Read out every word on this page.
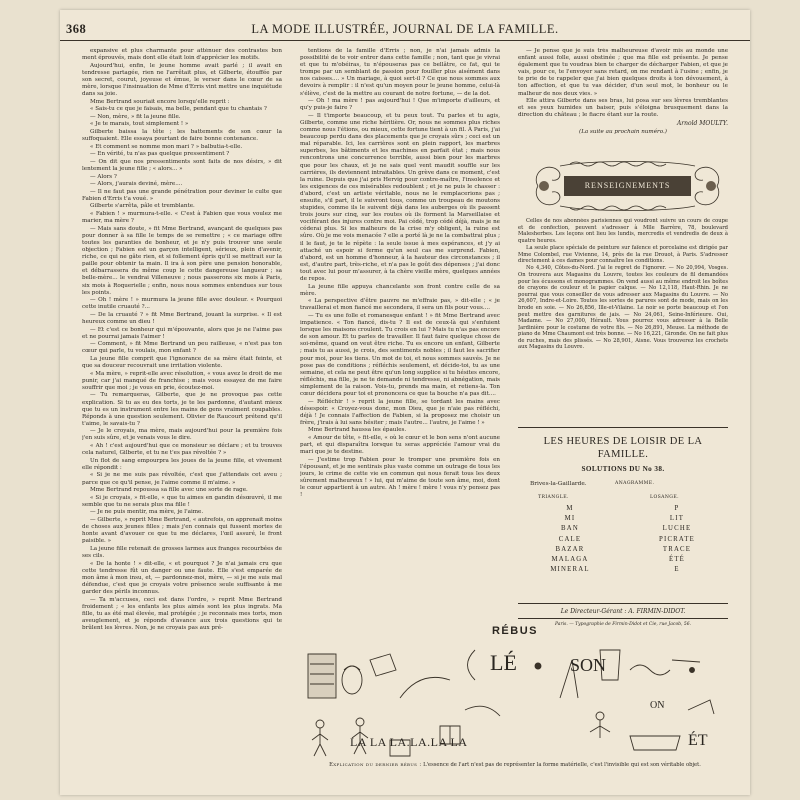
368	LA MODE ILLUSTRÉE, JOURNAL DE LA FAMILLE.

expansive et plus charmante pour atténuer des contrastes bon ment éprouvés, mais dont elle était loin d'apprécier les motifs.

Aujourd'hui, enfin, le jeune homme avait parlé ; il avait en tendresse partagée, rien ne l'arrêtait plus, et Gilberte, étouffée par son secret, courut, joyeuse et émue, le verser dans le cœur de sa mère, lorsque l'insinuation de Mme d'Erris vint mettre une inquiétude dans sa joie.

Mme Bertrand souriait encore lorsqu'elle reprit :

« Sais-tu ce que je faisais, ma belle, pendant que tu chantais ?

— Non, mère, » fit la jeune fille.

« Je te marais, tout simplement ! »

Gilberte baissa la tête ; les battements de son cœur la suffoquaient. Elle essaya pourtant de faire bonne contenance.

« Et comment se nomme mon mari ? » balbutia-t-elle.

— En vérité, tu n'as pas quelque pressentiment ?

— On dit que nos pressentiments sont faits de nos désirs, » dit lentement la jeune fille ; « alors... »

— Alors ?

— Alors, j'aurais deviné, mère....

— Il ne faut pas une grande pénétration pour deviner le culte que Fabien d'Erris t'a voué. »

Gilberte s'arrêta, pâle et tremblante.

« Fabien ! » murmura-t-elle. « C'est à Fabien que vous voulez me marier, ma mère ?

— Mais sans doute, » fit Mme Bertrand, avançant de quelques pas pour donner à sa fille le temps de se remettre ; « ce mariage offre toutes les garanties de bonheur, et je n'y puis trouver une seule objection ; Fabien est un garçon intelligent, sérieux, plein d'avenir, riche, ce qui ne gâte rien, et si follement épris qu'il se mettrait sur la paille pour obtenir ta main. Il ira à son père une pension honorable, et débarrassera du même coup le cette dangereuse langueur ; sa belle-mère... le vendrai Villeneuve ; nous passerons six mois à Paris, six mois à Roquerielle ; enfin, nous nous sommes entendues sur tous les points.

— Oh ! mère ! » murmura la jeune fille avec douleur. « Pourquoi cette inutile cruauté ?...

— De la cruauté ? » fit Mme Bertrand, jouant la surprise. « Il est heureux comme un dieu !

— Et c'est ce bonheur qui m'épouvante, alors que je ne l'aime pas et ne pourrai jamais l'aimer !

— Comment, » fit Mme Bertrand un peu railleuse, « n'est pas ton cœur qui parle, tu voulais, mon enfant ?

La jeune fille comprit que l'ignorance de sa mère était feinte, et que sa douceur recouvrait une irritation violente.

« Ma mère, » reprit-elle avec résolution, « vous avez le droit de me punir, car j'ai manqué de franchise ; mais vous essayez de me faire souffrir que moi ; je vous en prie, écoutez-moi.

— Tu remarqueras, Gilberte, que je ne provoque pas cette explication. Si tu as eu des torts, je te les pardonne, d'autant mieux que tu es un instrument entre les mains de gens vraiment coupables. Réponds à une question seulement. Olivier de Raucourt prétend qu'il t'aime, le savais-tu ?

— Je le croyais, ma mère, mais aujourd'hui pour la première fois j'en suis sûre, et je venais vous le dire.

« Ah ! c'est aujourd'hui que ce monsieur se déclare ; et tu trouves cela naturel, Gilberte, et tu ne t'es pas révoltée ? »

Un flot de sang empourpra les joues de la jeune fille, et vivement elle répondit :

« Si je ne me suis pas révoltée, c'est que j'attendais cet aveu ; parce que ce qu'il pense, je l'aime comme il m'aime. »

Mme Bertrand repoussa sa fille avec une sorte de rage.

« Si je croyais, » fit-elle, « que tu aimes en gandin désœuvré, il me semble que tu ne serais plus ma fille !

— Je ne puis mentir, ma mère, je l'aime.

— Gilberte, » reprit Mme Bertrand, « autrefois, on apprenait moins de choses aux jeunes filles ; mais j'en connais qui fussent mortes de honte avant d'avouer ce que tu me déclares, l'œil assuré, le front paisible. »

La jeune fille retenait de grosses larmes aux franges recourbées de ses cils.

« De la honte ! » dit-elle, « et pourquoi ? Je n'ai jamais cru que cette tendresse fût un danger ou une faute. Elle s'est emparée de mon âme à mon insu, et, — pardonnez-moi, mère, — si je me suis mal défendue, c'est que je croyais votre présence seule suffisante à me garder des périls inconnus.

— Ta m'accuses, ceci est dans l'ordre, » reprit Mme Bertrand froidement ; « les enfants les plus aimés sont les plus ingrats. Ma fille, tu as été mal élevée, mal protégée ; je reconnais mes torts, mon aveuglement, et je réponds d'avance aux trois questions qui te brûlent les lèvres. Non, je ne croyais pas aux pré-

tentions de la famille d'Erris ; non, je n'ai jamais admis la possibilité de te voir entrer dans cette famille ; non, tant que je vivrai et que tu m'obéiras, tu n'épouseras pas ce bellâtre, ce fat, qui te trompe par un semblant de passion pour fouiller plus aisément dans nos caisses.... » Un mariage, à quoi sert-il ? Ce que nous sommes aux devoirs à remplir : il n'est qu'un moyen pour le jeune homme, celui-là s'élève, c'est de la mettre au courant de notre fortune, — de la dot.

— Oh ! ma mère ! pas aujourd'hui ! Que m'importe d'ailleurs, et qu'y puis-je faire ?

— Il t'importe beaucoup, et tu peux tout. Tu parles et tu agis, Gilberte, comme une riche héritière. Or, nous ne sommes plus riches comme nous l'étions, ou mieux, cette fortune tient à un fil. À Paris, j'ai beaucoup perdu dans des placements que je croyais sûrs ; ceci est un mal réparable. Ici, les carrières sont en plein rapport, les marbres superbes, les bâtiments et les machines en parfait état ; mais nous rencontrons une concurrence terrible, aussi bien pour les marbres que pour les chaux, et je ne sais quel vent maudit souffle sur les carrières, ils deviennent intraitables. Un grève dans ce moment, c'est la ruine. Depuis que j'ai pris Hervig pour contre-maître, l'insolence et les exigences de ces misérables redoublent ; et je ne puis le chasser : d'abord, c'est un artiste véritable, nous ne le remplacerions pas ; ensuite, s'il part, il le suivront tous, comme un troupeau de moutons stupides, comme ils le suivent déjà dans les auberges où ils passent trois jours sur cinq, sur les routes où ils forment la Marseillaise et vociférant des injures contre moi. Pai cédé, trop cédé déjà, mais je ne céderai plus. Si les malheurs de la crise m'y obligent, la ruine est sûre. Où je me vois menacée ? elle a porté là je ne la combattrai plus ; il le faut, je te le répète : la seule issue à mes espérances, et j'y ai attaché un espoir si ferme qu'un seul cas me surprend. Fabien, d'abord, est un homme d'honneur, à la hauteur des circonstances ; il est, d'autre part, très-riche, et n'a pas le goût des dépenses ; j'ai donc tout avec lui pour m'assurer, à ta chère vieille mère, quelques années de repos.

La jeune fille appuya chancelante son front contre celle de sa mère.

« La perspective d'être pauvre ne m'effraie pas, » dit-elle ; « je travaillerai et mon fiancé me secondera, il sera un fils pour vous....

— Tu es une folle et romanesque enfant ! » fit Mme Bertrand avec impatience. « Ton fiancé, dis-tu ? Il est de ceux-là qui s'enfuient lorsque les maisons croulent. Tu crois en lui ? Mais tu n'as pas encore de son amour. Et tu parles de travailler. Il faut faire quelque chose de soi-même, quand on veut être riche. Tu es encore un enfant, Gilberte ; mais tu as aussi, je crois, des sentiments nobles ; il faut les sacrifier pour moi, pour les tiens. Un mot de toi, et nous sommes sauvés. Je ne pose pas de conditions ; réfléchis seulement, et décide-toi, tu as une semaine, et cela ne peut être qu'un long supplice si tu hésites encore, réfléchis, ma fille, je ne te demande ni tendresse, ni abnégation, mais simplement de la raison. Vois-tu, prends ma main, et retiens-la. Ton cœur décidera pour toi et prononcera ce que ta bouche n'a pas dit....

— Réfléchir ! » reprit la jeune fille, se tordant les mains avec désespoir. « Croyez-vous donc, mon Dieu, que je n'aie pas réfléchi, déjà ! Je connais l'affection de Fabien, si la proposez me choisir un frère, j'irais à lui sans hésiter ; mais l'autre... l'autre, je l'aime ! »

Mme Bertrand haussa les épaules.

« Amour de tête, » fit-elle, « où le cœur et le bon sens n'ont aucune part, et qui disparaîtra lorsque tu seras appréciée l'amour vrai du mari que je te destine.

— J'estime trop Fabien pour le tromper une première fois en l'épousant, et je me sentirais plus vaste comme un outrage de tous les jours, le crime de cette vie en commun qui nous ferait tous les deux sûrement malheureux ! » lui, qui m'aime de toute son âme, moi, dont le cœur appartient à un autre. Ah ! mère ! mère ! vous n'y pensez pas !

— Je pense que je suis très malheureuse d'avoir mis au monde une enfant aussi folle, aussi obstinée ; que ma fille est présente. Je pense également que tu voudras bien te charger de décharger Fabien, et que je vais, pour ce, te l'envoyer sans retard, on me rendant à l'usine ; enfin, je te prie de te rappeler que j'ai bien quelques droits à ton dévouement, à ton affection, et que tu vas décider, d'un seul mot, le bonheur ou le malheur de nos deux vies. »

Elle attira Gilberte dans ses bras, lui posa sur ses lèvres tremblantes et ses yeux humides un baiser, puis s'éloigna brusquement dans la direction du château ; le fiacre étant sur la route.

Arnold MOULTY.
(La suite au prochain numéro.)
RENSEIGNEMENTS

Celles de nos abonnées parisiennes qui voudront suivre un cours de coupe et de confection, peuvent s'adresser à Mlle Barrère, 78, boulevard Malesherbes. Les leçons ont lieu les lundis, mercredis et vendredis de deux à quatre heures.

La seule place spéciale de peinture sur faïence et porcelaine est dirigée par Mme Colombel, rue Vivienne, 14, près de la rue Drouot, à Paris. S'adresser directement à ces dames pour connaître les conditions.

No 4,340, Côtes-du-Nord. J'ai le regret de l'ignorer. — No 20,994, Vosges. On trouvera aux Magasins du Louvre, toutes les couleurs de fil demandées pour les écussons et monogrammes. On vend aussi au même endroit les boîtes de crayons de couleur et le papier calque. — No 12,118, Haut-Rhin. Je ne pourrai que vous conseiller de vous adresser aux Magasins du Louvre. — No 26,607, Indre-et-Loire. Toutes les sortes de parures sont de mode, mais on les brode en soie. — No 26,856, Ille-et-Vilaine. Le noir se porte beaucoup et l'on peut mettre des garnitures de jais. — No 24,061, Seine-Inférieure. Oui, Madame. — No 27,000, Hérault. Vous pourrez vous adresser à la Belle Jardinière pour le costume de votre fils. — No 26,891, Meuse. La méthode de piano de Mme Chaumont est très bonne. — No 16,221, Gironde. On ne fait plus de ruches, mais des plissés. — No 28,901, Aisne. Vous trouverez les crochets aux Magasins du Louvre.

LES HEURES DE LOISIR DE LA FAMILLE.
SOLUTIONS DU No 38.
Brives-la-Gaillarde.	ANAGRAMME.
TRIANGLE.	LOSANGE.
M
MI
BAN
CALE
BAZAR
MALAGA
MINERAL
P
LIT
LUCHE
PICRATE
TRACE
ÉTÉ
E
Le Directeur-Gérant : A. FIRMIN-DIDOT.
Paris. — Typographie de Firmin-Didot et Cie, rue Jacob, 56.
RÉBUS
LÉ	SON
ON
LA LA LA.LA.LA LA	ÉT
Explication du dernier rébus : L'essence de l'art n'est pas de représenter la forme matérielle, c'est l'invisible qui est son véritable objet.
